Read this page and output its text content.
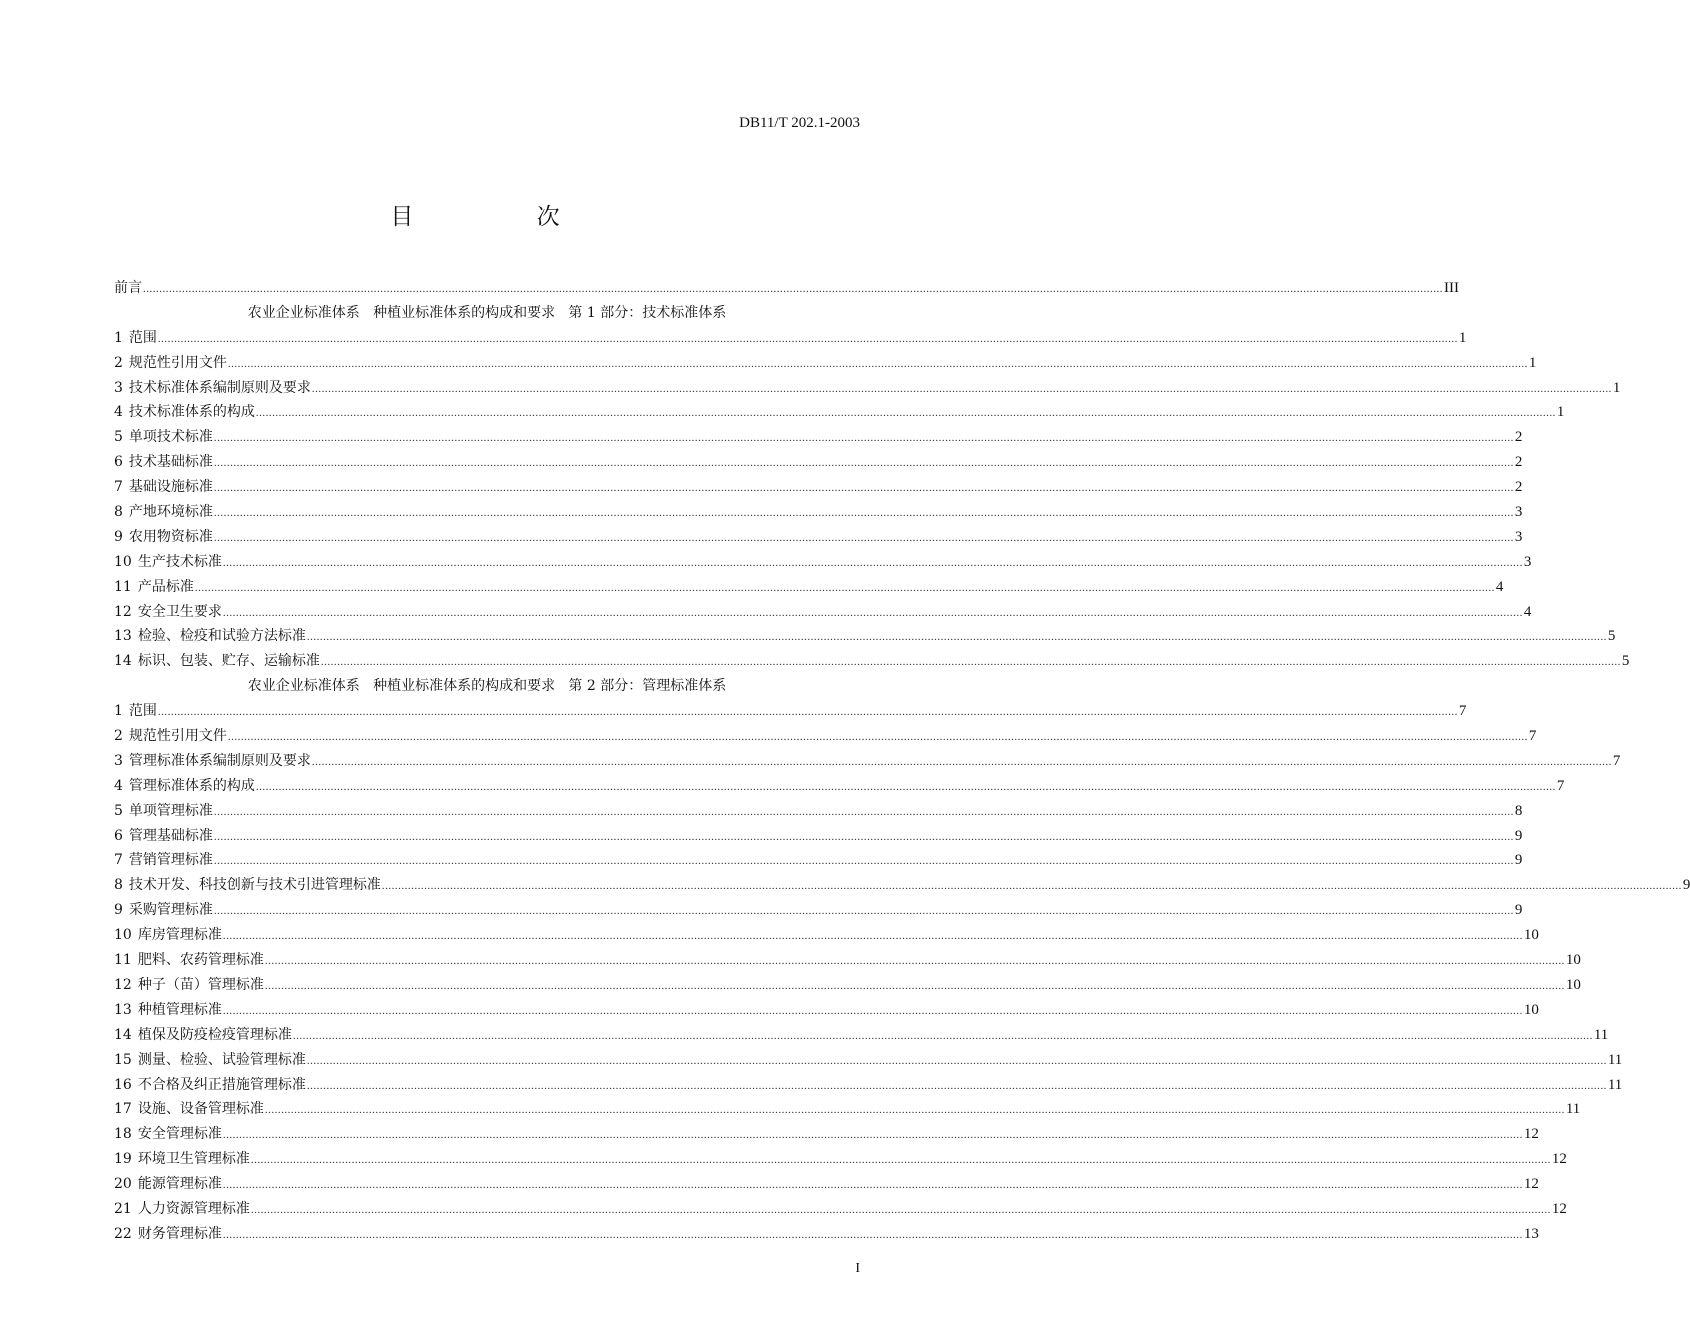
DB11/T 202.1-2003
目 次
前言 ................................................................................................................................................................................................................................................................................................................................................................................................................ III
农业企业标准体系   种植业标准体系的构成和要求   第 1 部分：技术标准体系
1 范围 ................................................................................................................................................................................................................................................................................................................................................................................................................ 1
2 规范性引用文件 ................................................................................................................................................................................................................................................................................................................................................................................................................ 1
3 技术标准体系编制原则及要求 ................................................................................................................................................................................................................................................................................................................................................................................................................ 1
4 技术标准体系的构成 ................................................................................................................................................................................................................................................................................................................................................................................................................ 1
5 单项技术标准 ................................................................................................................................................................................................................................................................................................................................................................................................................ 2
6 技术基础标准 ................................................................................................................................................................................................................................................................................................................................................................................................................ 2
7 基础设施标准 ................................................................................................................................................................................................................................................................................................................................................................................................................ 2
8 产地环境标准 ................................................................................................................................................................................................................................................................................................................................................................................................................ 3
9 农用物资标准 ................................................................................................................................................................................................................................................................................................................................................................................................................ 3
10 生产技术标准 ................................................................................................................................................................................................................................................................................................................................................................................................................ 3
11 产品标准 ................................................................................................................................................................................................................................................................................................................................................................................................................ 4
12 安全卫生要求 ................................................................................................................................................................................................................................................................................................................................................................................................................ 4
13 检验、检疫和试验方法标准 ................................................................................................................................................................................................................................................................................................................................................................................................................ 5
14 标识、包装、贮存、运输标准 ................................................................................................................................................................................................................................................................................................................................................................................................................ 5
农业企业标准体系   种植业标准体系的构成和要求   第 2 部分：管理标准体系
1 范围 ................................................................................................................................................................................................................................................................................................................................................................................................................ 7
2 规范性引用文件 ................................................................................................................................................................................................................................................................................................................................................................................................................ 7
3 管理标准体系编制原则及要求 ................................................................................................................................................................................................................................................................................................................................................................................................................ 7
4 管理标准体系的构成 ................................................................................................................................................................................................................................................................................................................................................................................................................ 7
5 单项管理标准 ................................................................................................................................................................................................................................................................................................................................................................................................................ 8
6 管理基础标准 ................................................................................................................................................................................................................................................................................................................................................................................................................ 9
7 营销管理标准 ................................................................................................................................................................................................................................................................................................................................................................................................................ 9
8 技术开发、科技创新与技术引进管理标准 ................................................................................................................................................................................................................................................................................................................................................................................................................ 9
9 采购管理标准 ................................................................................................................................................................................................................................................................................................................................................................................................................ 9
10 库房管理标准 ................................................................................................................................................................................................................................................................................................................................................................................................................ 10
11 肥料、农药管理标准 ................................................................................................................................................................................................................................................................................................................................................................................................................ 10
12 种子（苗）管理标准 ................................................................................................................................................................................................................................................................................................................................................................................................................ 10
13 种植管理标准 ................................................................................................................................................................................................................................................................................................................................................................................................................ 10
14 植保及防疫检疫管理标准 ................................................................................................................................................................................................................................................................................................................................................................................................................ 11
15 测量、检验、试验管理标准 ................................................................................................................................................................................................................................................................................................................................................................................................................ 11
16 不合格及纠正措施管理标准 ................................................................................................................................................................................................................................................................................................................................................................................................................ 11
17 设施、设备管理标准 ................................................................................................................................................................................................................................................................................................................................................................................................................ 11
18 安全管理标准 ................................................................................................................................................................................................................................................................................................................................................................................................................ 12
19 环境卫生管理标准 ................................................................................................................................................................................................................................................................................................................................................................................................................ 12
20 能源管理标准 ................................................................................................................................................................................................................................................................................................................................................................................................................ 12
21 人力资源管理标准 ................................................................................................................................................................................................................................................................................................................................................................................................................ 12
22 财务管理标准 ................................................................................................................................................................................................................................................................................................................................................................................................................ 13
I
